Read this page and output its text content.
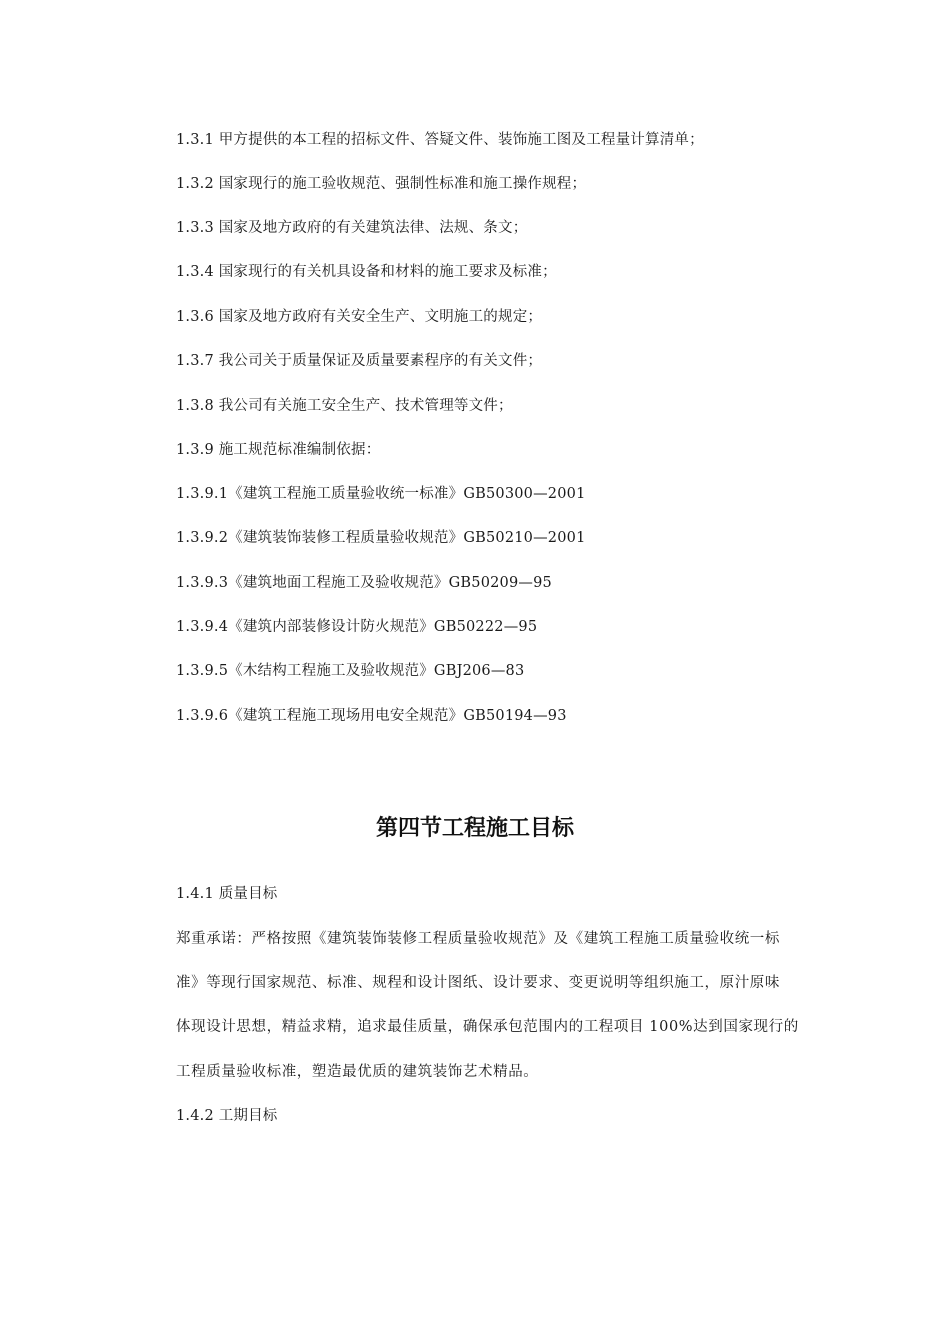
1.3.1 甲方提供的本工程的招标文件、答疑文件、装饰施工图及工程量计算清单；
1.3.2 国家现行的施工验收规范、强制性标准和施工操作规程；
1.3.3 国家及地方政府的有关建筑法律、法规、条文；
1.3.4 国家现行的有关机具设备和材料的施工要求及标准；
1.3.6 国家及地方政府有关安全生产、文明施工的规定；
1.3.7 我公司关于质量保证及质量要素程序的有关文件；
1.3.8 我公司有关施工安全生产、技术管理等文件；
1.3.9 施工规范标准编制依据：
1.3.9.1《建筑工程施工质量验收统一标准》GB50300—2001
1.3.9.2《建筑装饰装修工程质量验收规范》GB50210—2001
1.3.9.3《建筑地面工程施工及验收规范》GB50209—95
1.3.9.4《建筑内部装修设计防火规范》GB50222—95
1.3.9.5《木结构工程施工及验收规范》GBJ206—83
1.3.9.6《建筑工程施工现场用电安全规范》GB50194—93
第四节工程施工目标
1.4.1 质量目标
郑重承诺：严格按照《建筑装饰装修工程质量验收规范》及《建筑工程施工质量验收统一标
准》等现行国家规范、标准、规程和设计图纸、设计要求、变更说明等组织施工，原汁原味
体现设计思想，精益求精，追求最佳质量，确保承包范围内的工程项目 100%达到国家现行的
工程质量验收标准，塑造最优质的建筑装饰艺术精品。
1.4.2 工期目标
